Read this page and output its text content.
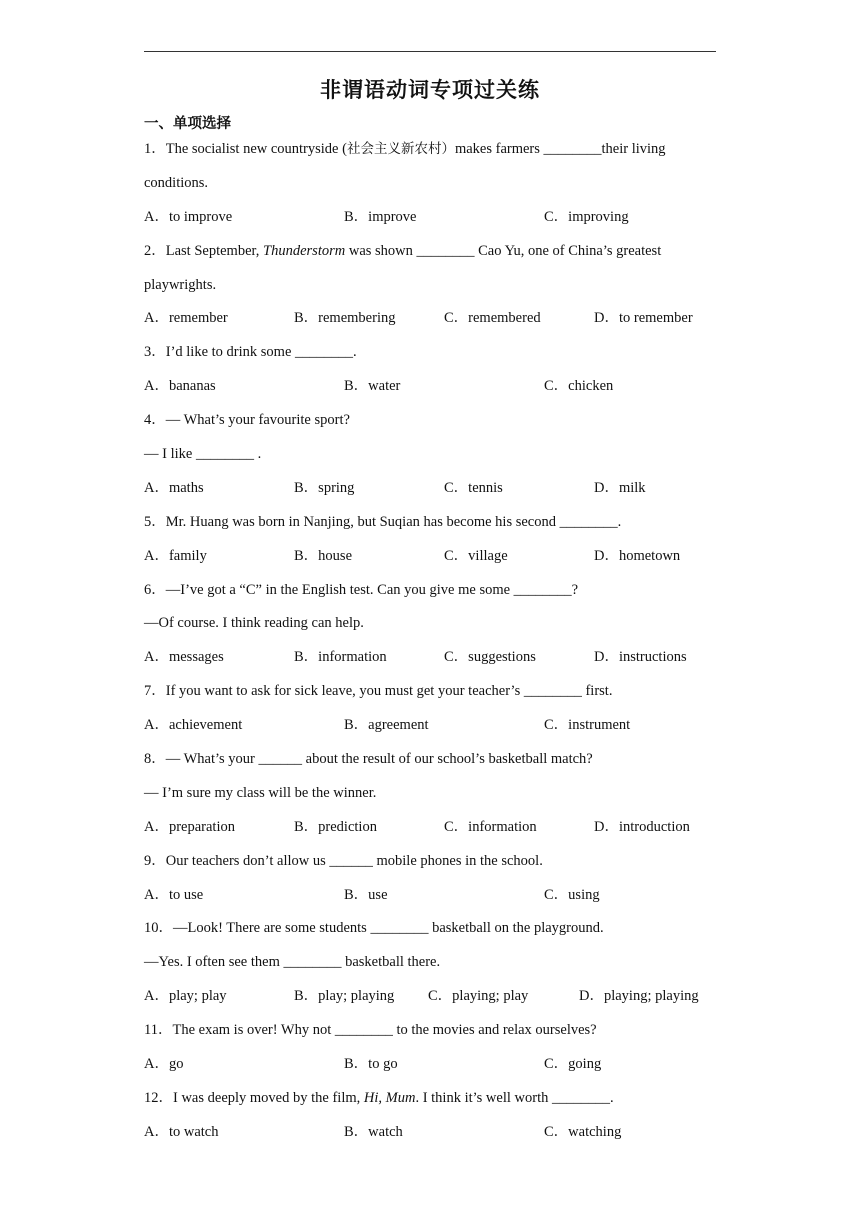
非谓语动词专项过关练
一、单项选择
1．The socialist new countryside (社会主义新农村）makes farmers ________their living
conditions.
A．to improve	B．improve	C．improving
2．Last September, Thunderstorm was shown ________ Cao Yu, one of China’s greatest
playwrights.
A．remember	B．remembering	C．remembered	D．to remember
3．I’d like to drink some ________.
A．bananas	B．water	C．chicken
4．— What’s your favourite sport?
— I like ________ .
A．maths	B．spring	C．tennis	D．milk
5．Mr. Huang was born in Nanjing, but Suqian has become his second ________.
A．family	B．house	C．village	D．hometown
6．—I’ve got a “C” in the English test. Can you give me some ________?
—Of course. I think reading can help.
A．messages	B．information	C．suggestions	D．instructions
7．If you want to ask for sick leave, you must get your teacher’s ________ first.
A．achievement	B．agreement	C．instrument
8．— What’s your ______ about the result of our school’s basketball match?
— I’m sure my class will be the winner.
A．preparation	B．prediction	C．information	D．introduction
9．Our teachers don’t allow us ______ mobile phones in the school.
A．to use	B．use	C．using
10．—Look! There are some students ________ basketball on the playground.
—Yes. I often see them ________ basketball there.
A．play; play	B．play; playing C．playing; play	D．playing; playing
11．The exam is over! Why not ________ to the movies and relax ourselves?
A．go	B．to go	C．going
12．I was deeply moved by the film, Hi, Mum. I think it’s well worth ________.
A．to watch	B．watch	C．watching
